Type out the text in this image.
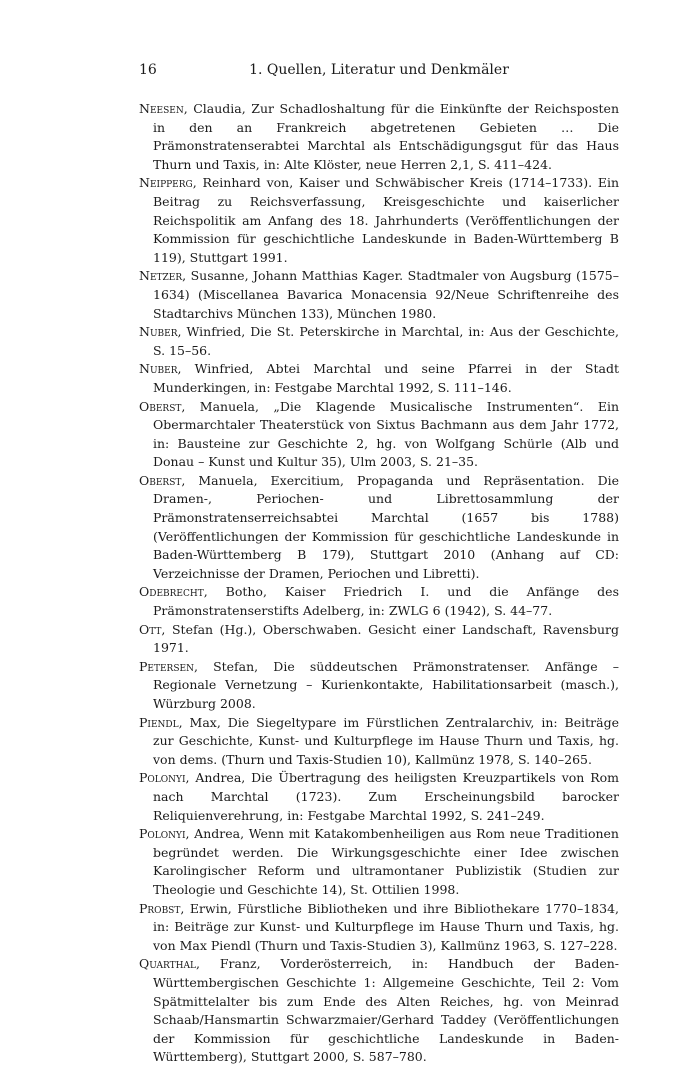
16	1. Quellen, Literatur und Denkmäler

Neesen, Claudia, Zur Schadloshaltung für die Einkünfte der Reichsposten in den an Frankreich abgetretenen Gebieten … Die Prämonstratenserabtei Marchtal als Entschädigungsgut für das Haus Thurn und Taxis, in: Alte Klöster, neue Herren 2,1, S. 411–424.

Neipperg, Reinhard von, Kaiser und Schwäbischer Kreis (1714–1733). Ein Beitrag zu Reichsverfassung, Kreisgeschichte und kaiserlicher Reichspolitik am Anfang des 18. Jahrhunderts (Veröffentlichungen der Kommission für geschichtliche Landeskunde in Baden-Württemberg B 119), Stuttgart 1991.

Netzer, Susanne, Johann Matthias Kager. Stadtmaler von Augsburg (1575–1634) (Miscellanea Bavarica Monacensia 92/Neue Schriftenreihe des Stadtarchivs München 133), München 1980.

Nuber, Winfried, Die St. Peterskirche in Marchtal, in: Aus der Geschichte, S. 15–56.

Nuber, Winfried, Abtei Marchtal und seine Pfarrei in der Stadt Munderkingen, in: Festgabe Marchtal 1992, S. 111–146.

Oberst, Manuela, „Die Klagende Musicalische Instrumenten“. Ein Obermarchtaler Theaterstück von Sixtus Bachmann aus dem Jahr 1772, in: Bausteine zur Geschichte 2, hg. von Wolfgang Schürle (Alb und Donau – Kunst und Kultur 35), Ulm 2003, S. 21–35.

Oberst, Manuela, Exercitium, Propaganda und Repräsentation. Die Dramen-, Periochen- und Librettosammlung der Prämonstratenserreichsabtei Marchtal (1657 bis 1788) (Veröffentlichungen der Kommission für geschichtliche Landeskunde in Baden-Württemberg B 179), Stuttgart 2010 (Anhang auf CD: Verzeichnisse der Dramen, Periochen und Libretti).

Odebrecht, Botho, Kaiser Friedrich I. und die Anfänge des Prämonstratenserstifts Adelberg, in: ZWLG 6 (1942), S. 44–77.

Ott, Stefan (Hg.), Oberschwaben. Gesicht einer Landschaft, Ravensburg 1971.

Petersen, Stefan, Die süddeutschen Prämonstratenser. Anfänge – Regionale Vernetzung – Kurienkontakte, Habilitationsarbeit (masch.), Würzburg 2008.

Piendl, Max, Die Siegeltypare im Fürstlichen Zentralarchiv, in: Beiträge zur Geschichte, Kunst- und Kulturpflege im Hause Thurn und Taxis, hg. von dems. (Thurn und Taxis-Studien 10), Kallmünz 1978, S. 140–265.

Polonyi, Andrea, Die Übertragung des heiligsten Kreuzpartikels von Rom nach Marchtal (1723). Zum Erscheinungsbild barocker Reliquienverehrung, in: Festgabe Marchtal 1992, S. 241–249.

Polonyi, Andrea, Wenn mit Katakombenheiligen aus Rom neue Traditionen begründet werden. Die Wirkungsgeschichte einer Idee zwischen Karolingischer Reform und ultramontaner Publizistik (Studien zur Theologie und Geschichte 14), St. Ottilien 1998.

Probst, Erwin, Fürstliche Bibliotheken und ihre Bibliothekare 1770–1834, in: Beiträge zur Kunst- und Kulturpflege im Hause Thurn und Taxis, hg. von Max Piendl (Thurn und Taxis-Studien 3), Kallmünz 1963, S. 127–228.

Quarthal, Franz, Vorderösterreich, in: Handbuch der Baden-Württembergischen Geschichte 1: Allgemeine Geschichte, Teil 2: Vom Spätmittelalter bis zum Ende des Alten Reiches, hg. von Meinrad Schaab/Hansmartin Schwarzmaier/Gerhard Taddey (Veröffentlichungen der Kommission für geschichtliche Landeskunde in Baden-Württemberg), Stuttgart 2000, S. 587–780.
